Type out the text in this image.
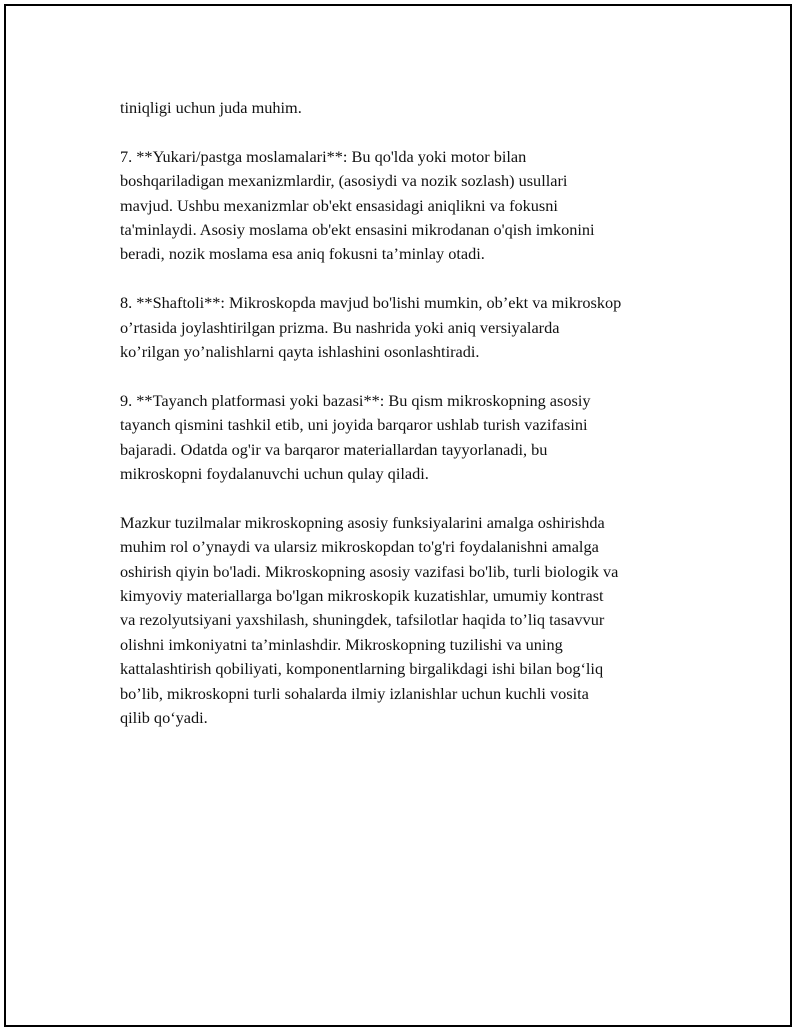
tiniqligi uchun juda muhim.

7. **Yukari/pastga moslamalari**: Bu qo'lda yoki motor bilan
boshqariladigan mexanizmlardir, (asosiydi va nozik sozlash) usullari
mavjud. Ushbu mexanizmlar ob'ekt ensasidagi aniqlikni va fokusni
ta'minlaydi. Asosiy moslama ob'ekt ensasini mikrodanan o'qish imkonini
beradi, nozik moslama esa aniq fokusni ta’minlay otadi.

8. **Shaftoli**: Mikroskopda mavjud bo'lishi mumkin, ob’ekt va mikroskop
o’rtasida joylashtirilgan prizma. Bu nashrida yoki aniq versiyalarda
ko’rilgan yo’nalishlarni qayta ishlashini osonlashtiradi.

9. **Tayanch platformasi yoki bazasi**: Bu qism mikroskopning asosiy
tayanch qismini tashkil etib, uni joyida barqaror ushlab turish vazifasini
bajaradi. Odatda og'ir va barqaror materiallardan tayyorlanadi, bu
mikroskopni foydalanuvchi uchun qulay qiladi.

Mazkur tuzilmalar mikroskopning asosiy funksiyalarini amalga oshirishda
muhim rol o’ynaydi va ularsiz mikroskopdan to'g'ri foydalanishni amalga
oshirish qiyin bo'ladi. Mikroskopning asosiy vazifasi bo'lib, turli biologik va
kimyoviy materiallarga bo'lgan mikroskopik kuzatishlar, umumiy kontrast
va rezolyutsiyani yaxshilash, shuningdek, tafsilotlar haqida to’liq tasavvur
olishni imkoniyatni ta’minlashdir. Mikroskopning tuzilishi va uning
kattalashtirish qobiliyati, komponentlarning birgalikdagi ishi bilan bog‘liq
bo’lib, mikroskopni turli sohalarda ilmiy izlanishlar uchun kuchli vosita
qilib qo‘yadi.
